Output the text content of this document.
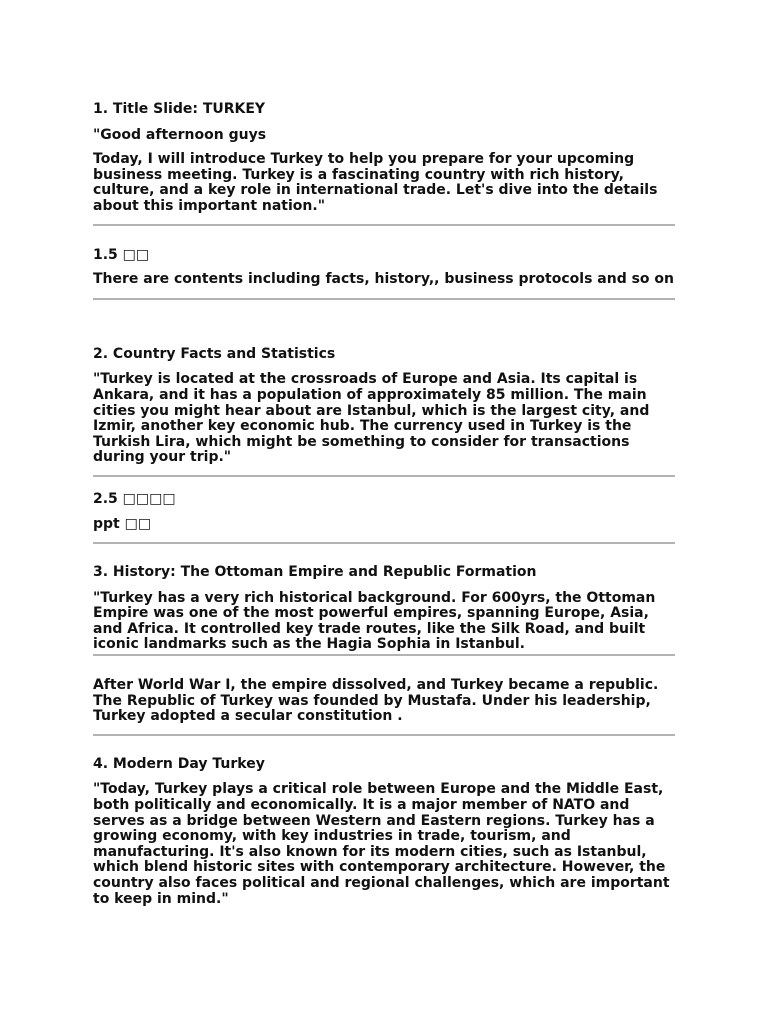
1. Title Slide: TURKEY

"Good afternoon guys

Today, I will introduce Turkey to help you prepare for your upcoming business meeting. Turkey is a fascinating country with rich history, culture, and a key role in international trade. Let's dive into the details about this important nation."

1.5 □□

There are contents including facts, history,, business protocols and so on

2. Country Facts and Statistics

"Turkey is located at the crossroads of Europe and Asia. Its capital is Ankara, and it has a population of approximately 85 million. The main cities you might hear about are Istanbul, which is the largest city, and Izmir, another key economic hub. The currency used in Turkey is the Turkish Lira, which might be something to consider for transactions during your trip."

2.5 □□□□

ppt □□

3. History: The Ottoman Empire and Republic Formation

"Turkey has a very rich historical background. For 600yrs, the Ottoman Empire was one of the most powerful empires, spanning Europe, Asia, and Africa. It controlled key trade routes, like the Silk Road, and built iconic landmarks such as the Hagia Sophia in Istanbul.

After World War I, the empire dissolved, and Turkey became a republic. The Republic of Turkey was founded by Mustafa. Under his leadership, Turkey adopted a secular constitution .

4. Modern Day Turkey

"Today, Turkey plays a critical role between Europe and the Middle East, both politically and economically. It is a major member of NATO and serves as a bridge between Western and Eastern regions. Turkey has a growing economy, with key industries in trade, tourism, and manufacturing. It's also known for its modern cities, such as Istanbul, which blend historic sites with contemporary architecture. However, the country also faces political and regional challenges, which are important to keep in mind."
